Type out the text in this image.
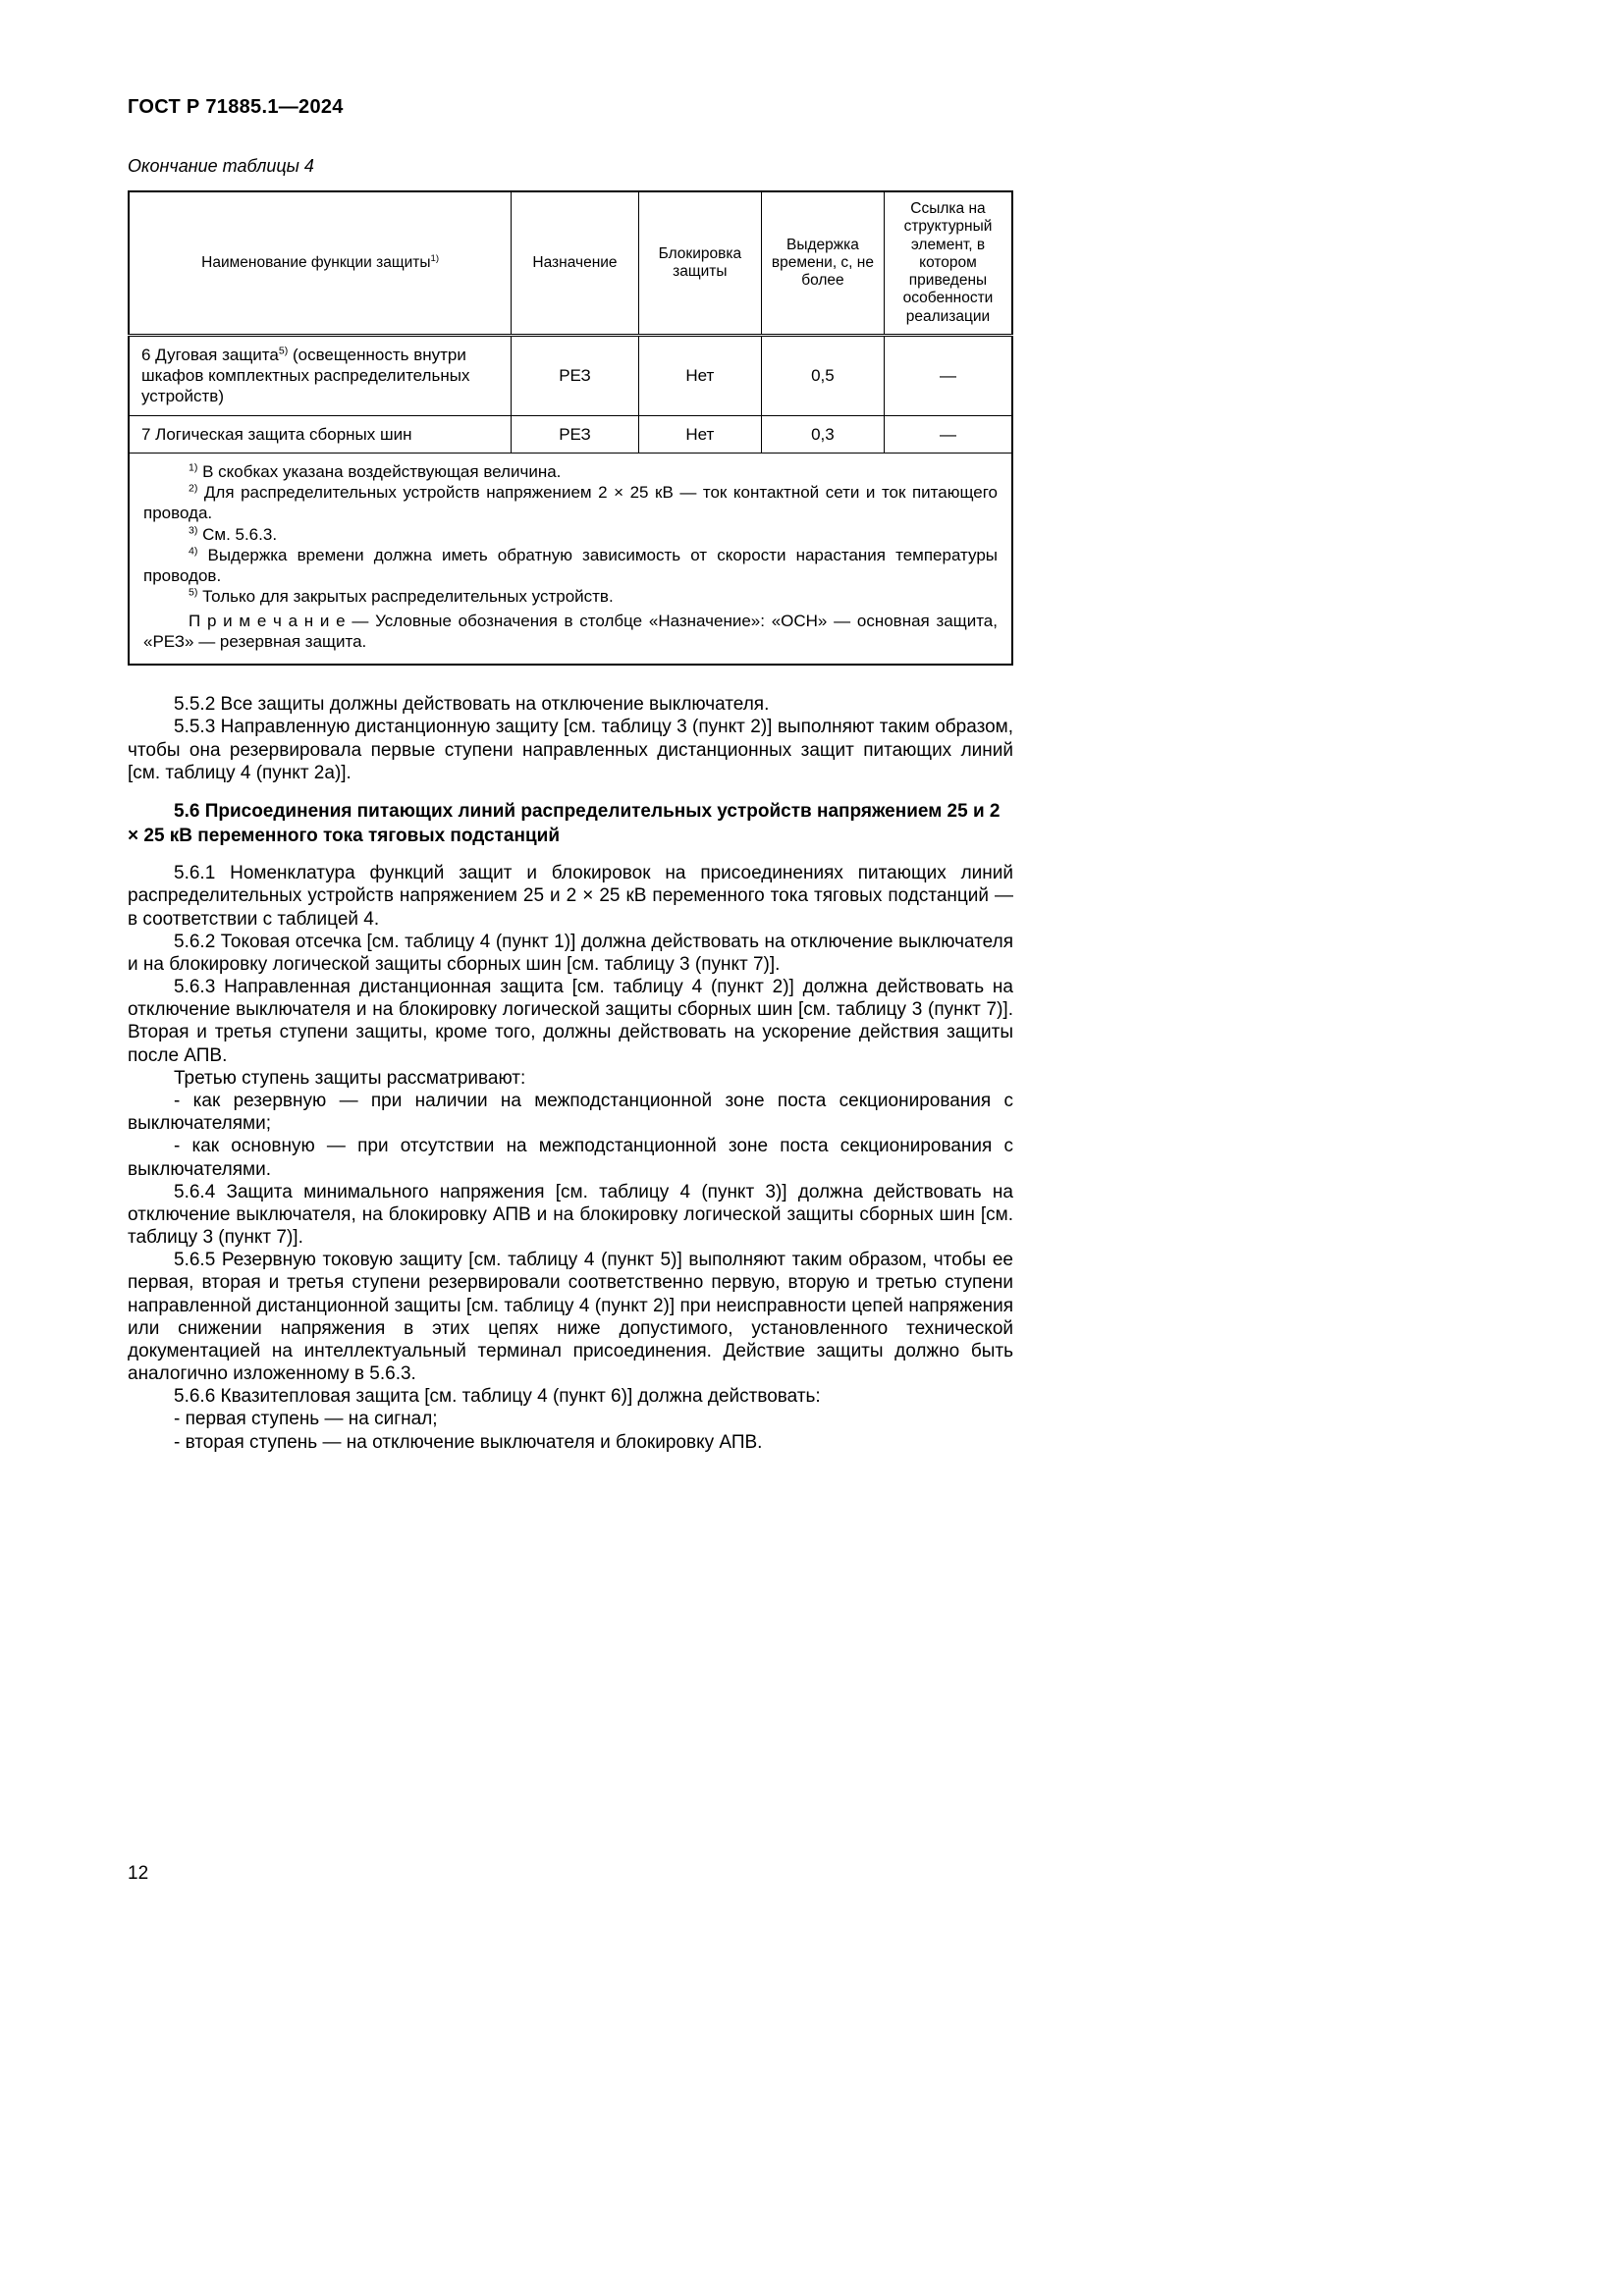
ГОСТ Р 71885.1—2024
Окончание таблицы 4
Наименование функции защиты$^{1)}$	Назначение	Блокировка защиты	Выдержка времени, с, не более	Ссылка на структурный элемент, в котором приведены особенности реализации
6 Дуговая защита$^{5)}$ (освещенность внутри шкафов комплектных распределительных устройств)	РЕЗ	Нет	0,5	—
7 Логическая защита сборных шин	РЕЗ	Нет	0,3	—

$^{1)}$ В скобках указана воздействующая величина.

$^{2)}$ Для распределительных устройств напряжением 2 × 25 кВ — ток контактной сети и ток питающего провода.

$^{3)}$ См. 5.6.3.

$^{4)}$ Выдержка времени должна иметь обратную зависимость от скорости нарастания температуры проводов.

$^{5)}$ Только для закрытых распределительных устройств.

П р и м е ч а н и е — Условные обозначения в столбце «Назначение»: «ОСН» — основная защита, «РЕЗ» — резервная защита.

5.5.2 Все защиты должны действовать на отключение выключателя.

5.5.3 Направленную дистанционную защиту [см. таблицу 3 (пункт 2)] выполняют таким образом, чтобы она резервировала первые ступени направленных дистанционных защит питающих линий [см. таблицу 4 (пункт 2а)].

5.6 Присоединения питающих линий распределительных устройств напряжением 25 и 2 × 25 кВ переменного тока тяговых подстанций

5.6.1 Номенклатура функций защит и блокировок на присоединениях питающих линий распределительных устройств напряжением 25 и 2 × 25 кВ переменного тока тяговых подстанций — в соответствии с таблицей 4.

5.6.2 Токовая отсечка [см. таблицу 4 (пункт 1)] должна действовать на отключение выключателя и на блокировку логической защиты сборных шин [см. таблицу 3 (пункт 7)].

5.6.3 Направленная дистанционная защита [см. таблицу 4 (пункт 2)] должна действовать на отключение выключателя и на блокировку логической защиты сборных шин [см. таблицу 3 (пункт 7)]. Вторая и третья ступени защиты, кроме того, должны действовать на ускорение действия защиты после АПВ.

Третью ступень защиты рассматривают:

- как резервную — при наличии на межподстанционной зоне поста секционирования с выключателями;

- как основную — при отсутствии на межподстанционной зоне поста секционирования с выключателями.

5.6.4 Защита минимального напряжения [см. таблицу 4 (пункт 3)] должна действовать на отключение выключателя, на блокировку АПВ и на блокировку логической защиты сборных шин [см. таблицу 3 (пункт 7)].

5.6.5 Резервную токовую защиту [см. таблицу 4 (пункт 5)] выполняют таким образом, чтобы ее первая, вторая и третья ступени резервировали соответственно первую, вторую и третью ступени направленной дистанционной защиты [см. таблицу 4 (пункт 2)] при неисправности цепей напряжения или снижении напряжения в этих цепях ниже допустимого, установленного технической документацией на интеллектуальный терминал присоединения. Действие защиты должно быть аналогично изложенному в 5.6.3.

5.6.6 Квазитепловая защита [см. таблицу 4 (пункт 6)] должна действовать:

- первая ступень — на сигнал;

- вторая ступень — на отключение выключателя и блокировку АПВ.

12
